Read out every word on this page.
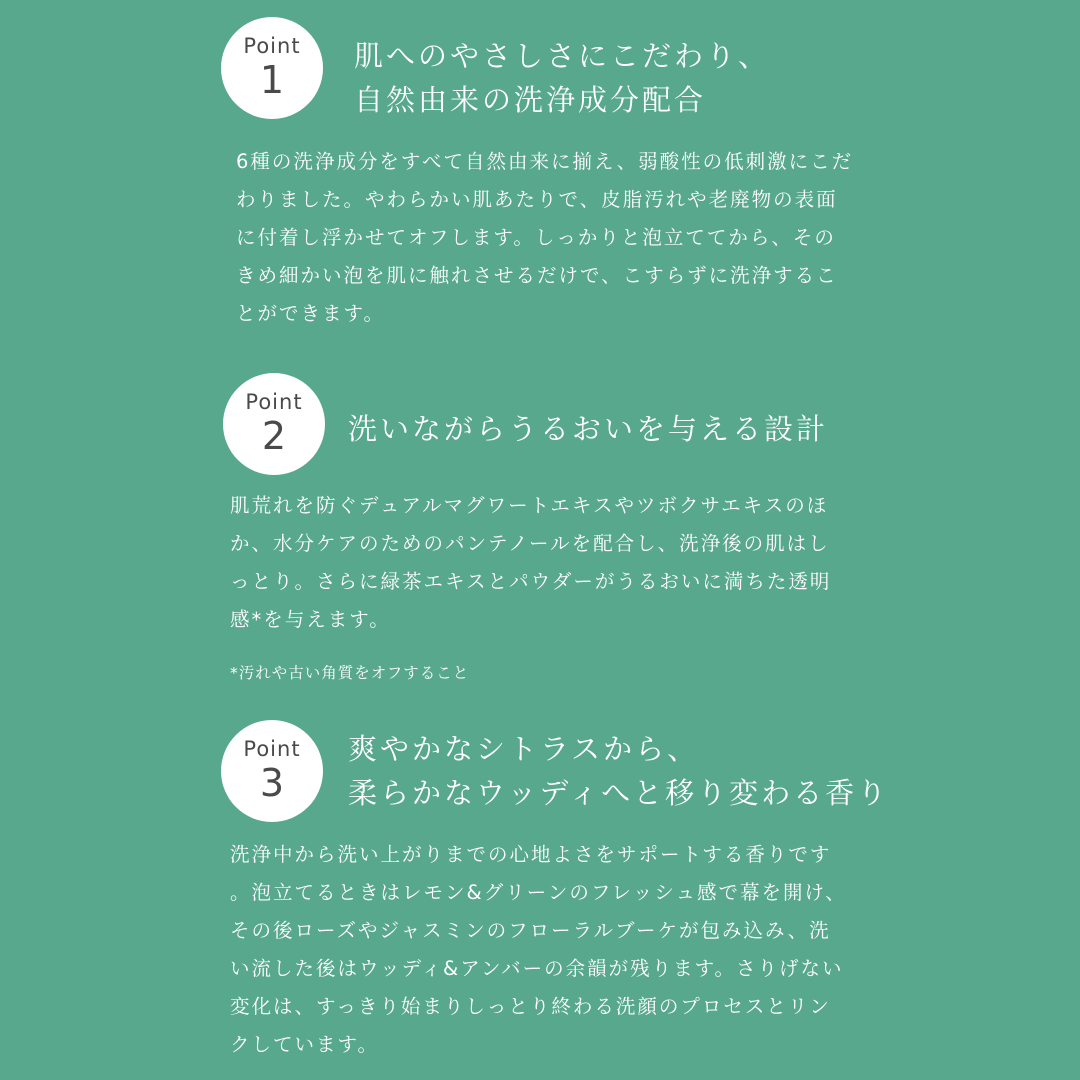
Point
1
肌へのやさしさにこだわり、
自然由来の洗浄成分配合
6種の洗浄成分をすべて自然由来に揃え、弱酸性の低刺激にこだ
わりました。やわらかい肌あたりで、皮脂汚れや老廃物の表面
に付着し浮かせてオフします。しっかりと泡立ててから、その
きめ細かい泡を肌に触れさせるだけで、こすらずに洗浄するこ
とができます。
Point
2	洗いながらうるおいを与える設計
肌荒れを防ぐデュアルマグワートエキスやツボクサエキスのほ
か、水分ケアのためのパンテノールを配合し、洗浄後の肌はし
っとり。さらに緑茶エキスとパウダーがうるおいに満ちた透明
感*を与えます。
*汚れや古い角質をオフすること
Point
3
爽やかなシトラスから、
柔らかなウッディへと移り変わる香り
洗浄中から洗い上がりまでの心地よさをサポートする香りです
。泡立てるときはレモン&グリーンのフレッシュ感で幕を開け、
その後ローズやジャスミンのフローラルブーケが包み込み、洗
い流した後はウッディ&アンバーの余韻が残ります。さりげない
変化は、すっきり始まりしっとり終わる洗顔のプロセスとリン
クしています。
